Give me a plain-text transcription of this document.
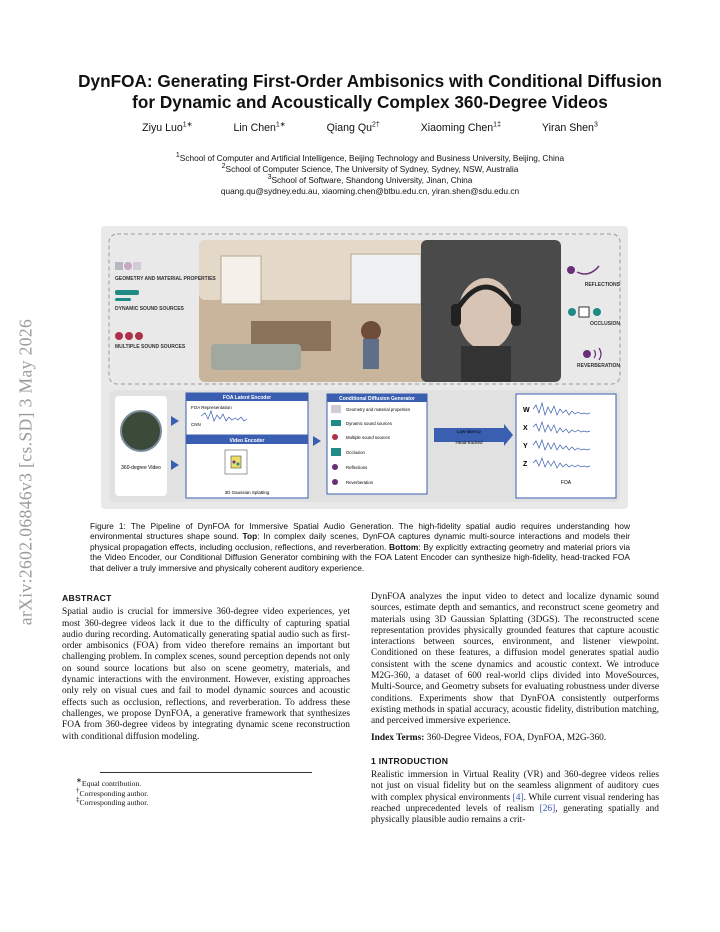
arXiv:2602.06846v3 [cs.SD] 3 May 2026
DynFOA: Generating First-Order Ambisonics with Conditional Diffusion
for Dynamic and Acoustically Complex 360-Degree Videos
Ziyu Luo$^{1∗}$	Lin Chen$^{1∗}$	Qiang $Qu^{2\dagger}$	Xiaoming Chen$^{1\ddagger}$	Yiran Shen$^3$
$^1$School of Computer and Artificial Intelligence, Beijing Technology and Business University, Beijing, China
$^2$School of Computer Science, The University of Sydney, Sydney, NSW, Australia
$^3$School of Software, Shandong University, Jinan, China
quang.qu@sydney.edu.au, xiaoming.chen@btbu.edu.cn, yiran.shen@sdu.edu.cn
GEOMETRY AND MATERIAL PROPERTIES
DYNAMIC SOUND SOURCES
MULTIPLE SOUND SOURCES
REFLECTIONS
OCCLUSION
REVERBERATION
360-degree Video
FOA Latent Encoder
FOA Representation
CNN
Video Encoder
3D Gaussian Splatting
Conditional Diffusion Generator
Geometry and material properties
Dynamic sound sources
Multiple sound sources
Occlusion
Reflections
Reverberation
Low-latency
Head-tracked
W
X
Y
Z
FOA
Figure 1: The Pipeline of DynFOA for Immersive Spatial Audio Generation. The high-fidelity spatial audio requires understanding how environmental structures shape sound. Top: In complex daily scenes, DynFOA captures dynamic multi-source interactions and models their physical propagation effects, including occlusion, reflections, and reverberation. Bottom: By explicitly extracting geometry and material priors via the Video Encoder, our Conditional Diffusion Generator combining with the FOA Latent Encoder can synthesize high-fidelity, head-tracked FOA that deliver a truly immersive and physically coherent auditory experience.
ABSTRACT

Spatial audio is crucial for immersive 360-degree video experiences, yet most 360-degree videos lack it due to the difficulty of capturing spatial audio during recording. Automatically generating spatial audio such as first-order ambisonics (FOA) from video therefore remains an important but challenging problem. In complex scenes, sound perception depends not only on sound source locations but also on scene geometry, materials, and dynamic interactions with the environment. However, existing approaches only rely on visual cues and fail to model dynamic sources and acoustic effects such as occlusion, reflections, and reverberation. To address these challenges, we propose DynFOA, a generative framework that synthesizes FOA from 360-degree videos by integrating dynamic scene reconstruction with conditional diffusion modeling.

∗Equal contribution.
†Corresponding author.
‡Corresponding author.

DynFOA analyzes the input video to detect and localize dynamic sound sources, estimate depth and semantics, and reconstruct scene geometry and materials using 3D Gaussian Splatting (3DGS). The reconstructed scene representation provides physically grounded features that capture acoustic interactions between sources, environment, and listener viewpoint. Conditioned on these features, a diffusion model generates spatial audio consistent with the scene dynamics and acoustic context. We introduce M2G-360, a dataset of 600 real-world clips divided into MoveSources, Multi-Source, and Geometry subsets for evaluating robustness under diverse conditions. Experiments show that DynFOA consistently outperforms existing methods in spatial accuracy, acoustic fidelity, distribution matching, and perceived immersive experience.

Index Terms: 360-Degree Videos, FOA, DynFOA, M2G-360.

1 INTRODUCTION

Realistic immersion in Virtual Reality (VR) and 360-degree videos relies not just on visual fidelity but on the seamless alignment of auditory cues with complex physical environments [4]. While current visual rendering has reached unprecedented levels of realism [26], generating spatially and physically plausible audio remains a crit-
